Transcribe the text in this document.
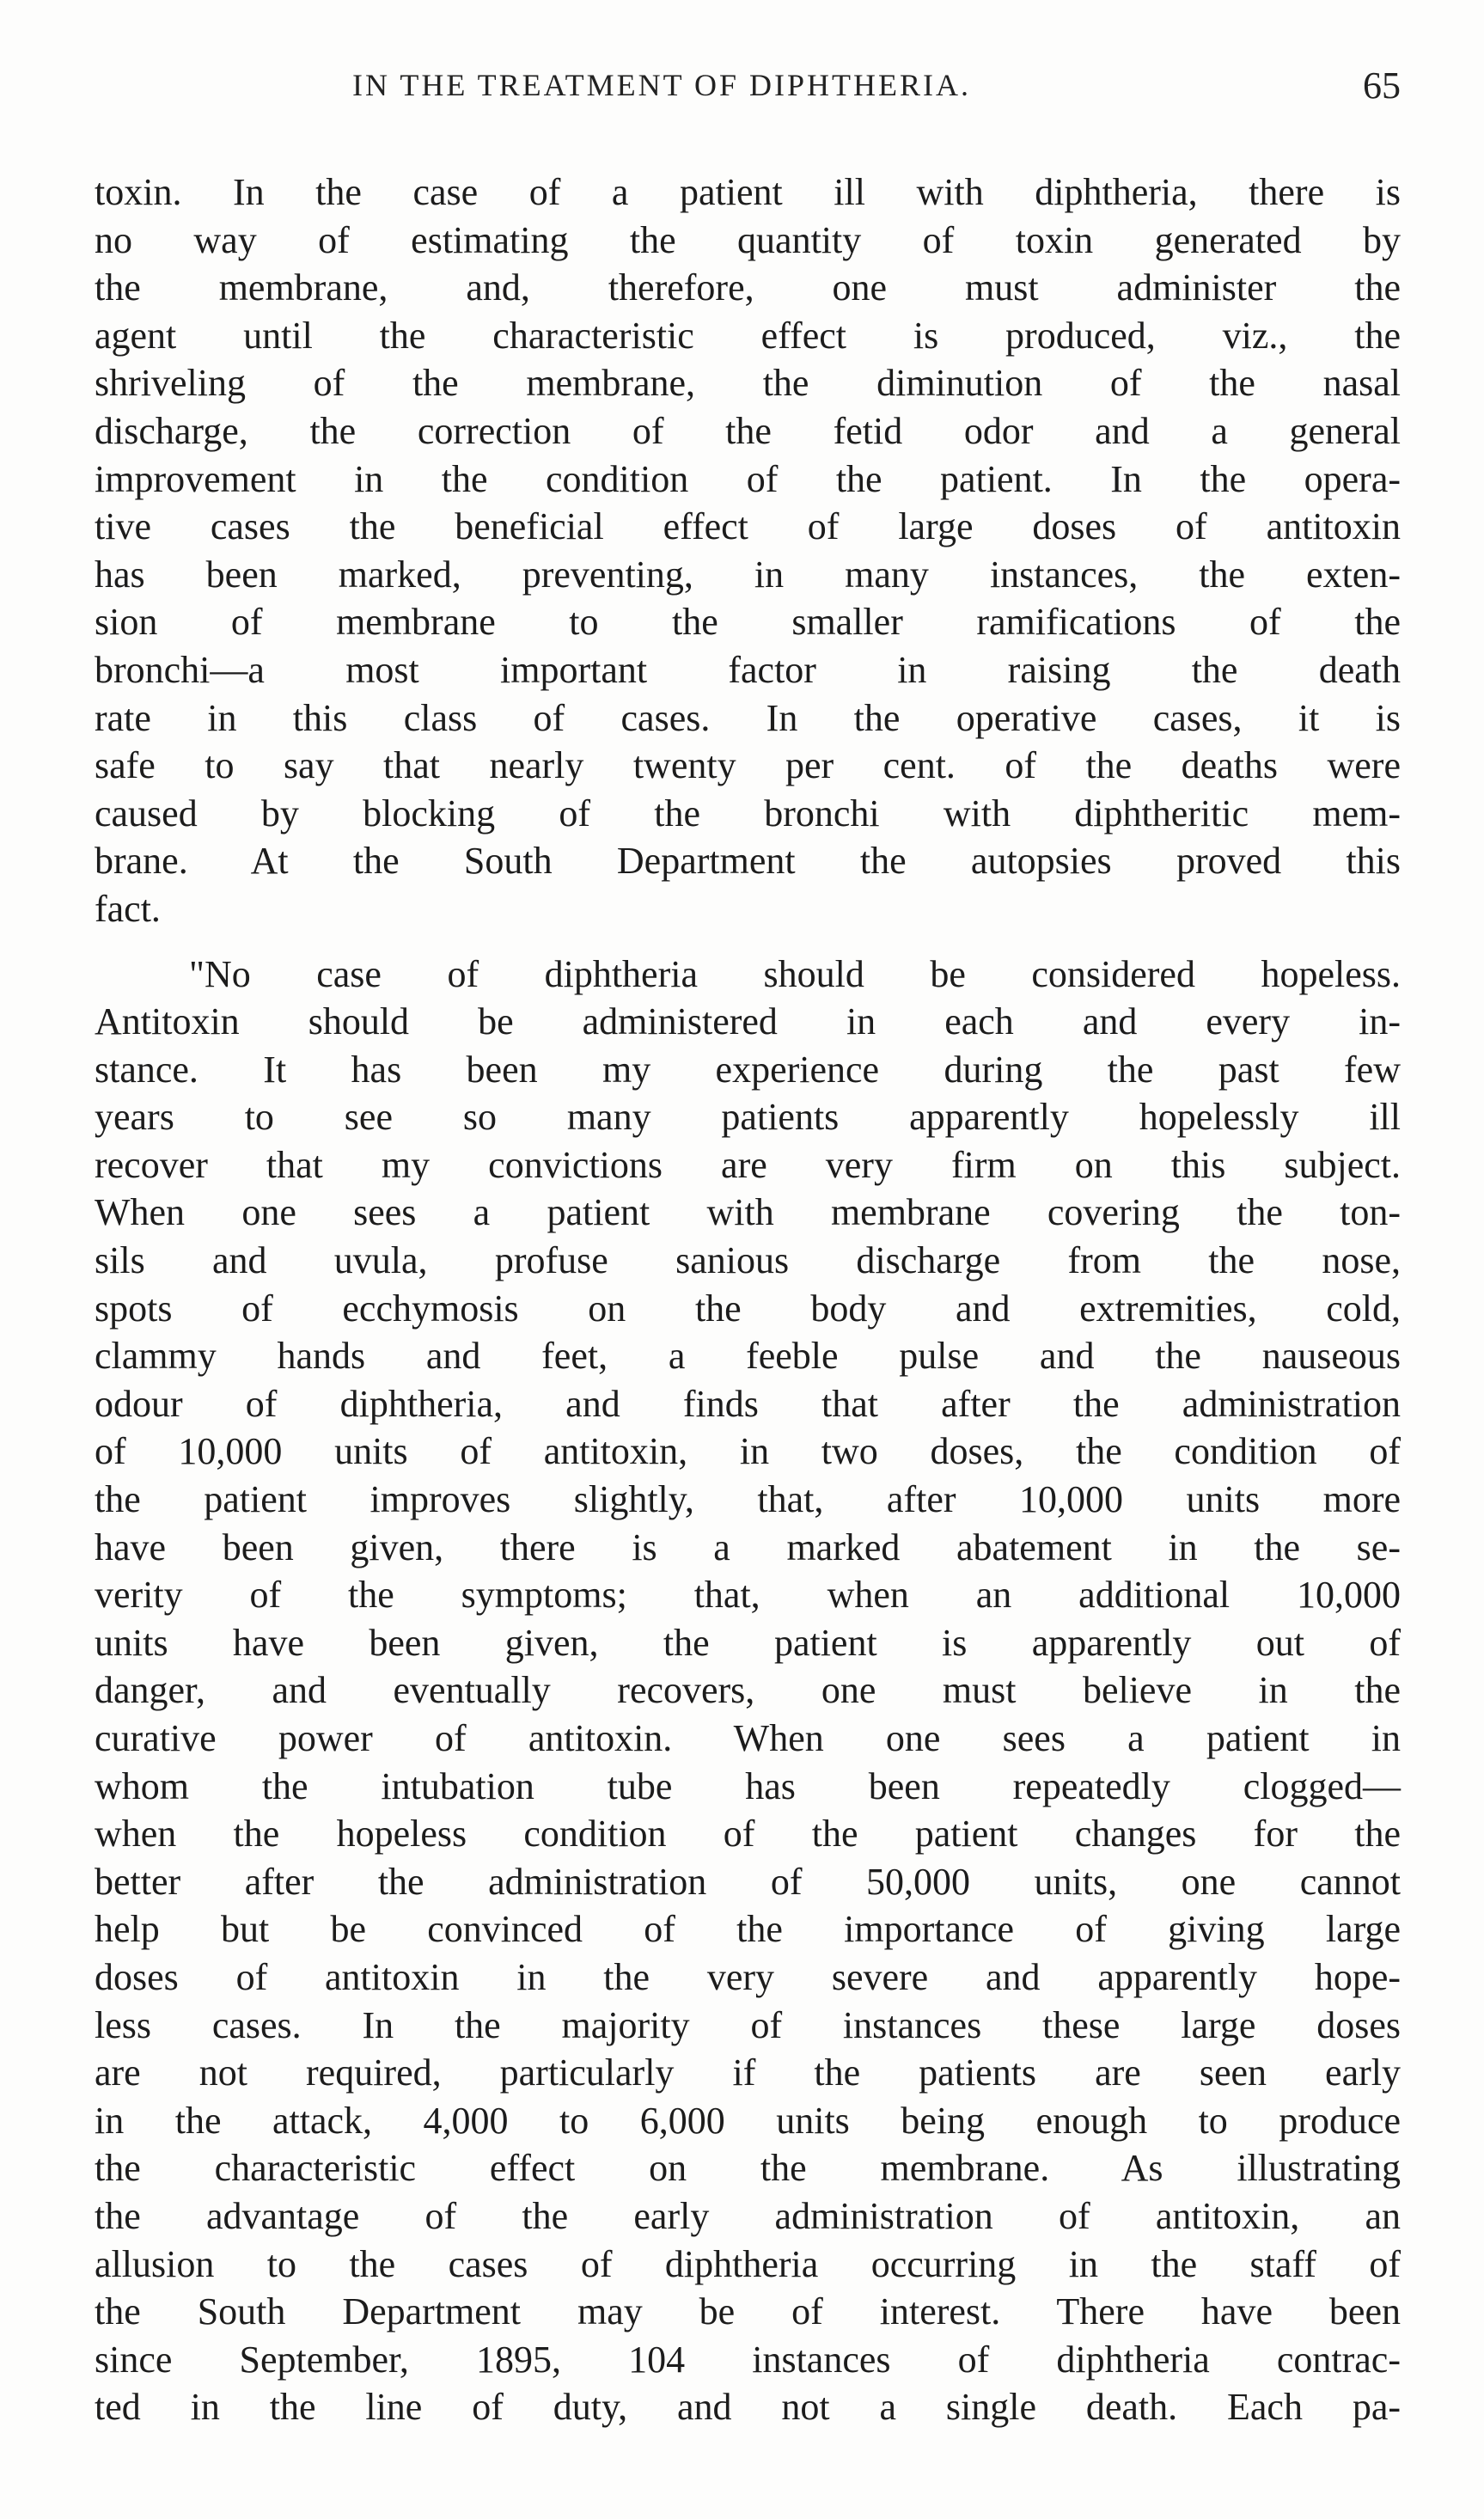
IN THE TREATMENT OF DIPHTHERIA.	65
toxin. In the case of a patient ill with diphtheria, there is
no way of estimating the quantity of toxin generated by
the membrane, and, therefore, one must administer the
agent until the characteristic effect is produced, viz., the
shriveling of the membrane, the diminution of the nasal
discharge, the correction of the fetid odor and a general
improvement in the condition of the patient. In the opera-
tive cases the beneficial effect of large doses of antitoxin
has been marked, preventing, in many instances, the exten-
sion of membrane to the smaller ramifications of the
bronchi—a most important factor in raising the death
rate in this class of cases. In the operative cases, it is
safe to say that nearly twenty per cent. of the deaths were
caused by blocking of the bronchi with diphtheritic mem-
brane. At the South Department the autopsies proved this
fact.
"No case of diphtheria should be considered hopeless.
Antitoxin should be administered in each and every in-
stance. It has been my experience during the past few
years to see so many patients apparently hopelessly ill
recover that my convictions are very firm on this subject.
When one sees a patient with membrane covering the ton-
sils and uvula, profuse sanious discharge from the nose,
spots of ecchymosis on the body and extremities, cold,
clammy hands and feet, a feeble pulse and the nauseous
odour of diphtheria, and finds that after the administration
of 10,000 units of antitoxin, in two doses, the condition of
the patient improves slightly, that, after 10,000 units more
have been given, there is a marked abatement in the se-
verity of the symptoms; that, when an additional 10,000
units have been given, the patient is apparently out of
danger, and eventually recovers, one must believe in the
curative power of antitoxin. When one sees a patient in
whom the intubation tube has been repeatedly clogged—
when the hopeless condition of the patient changes for the
better after the administration of 50,000 units, one cannot
help but be convinced of the importance of giving large
doses of antitoxin in the very severe and apparently hope-
less cases. In the majority of instances these large doses
are not required, particularly if the patients are seen early
in the attack, 4,000 to 6,000 units being enough to produce
the characteristic effect on the membrane. As illustrating
the advantage of the early administration of antitoxin, an
allusion to the cases of diphtheria occurring in the staff of
the South Department may be of interest. There have been
since September, 1895, 104 instances of diphtheria contrac-
ted in the line of duty, and not a single death. Each pa-
